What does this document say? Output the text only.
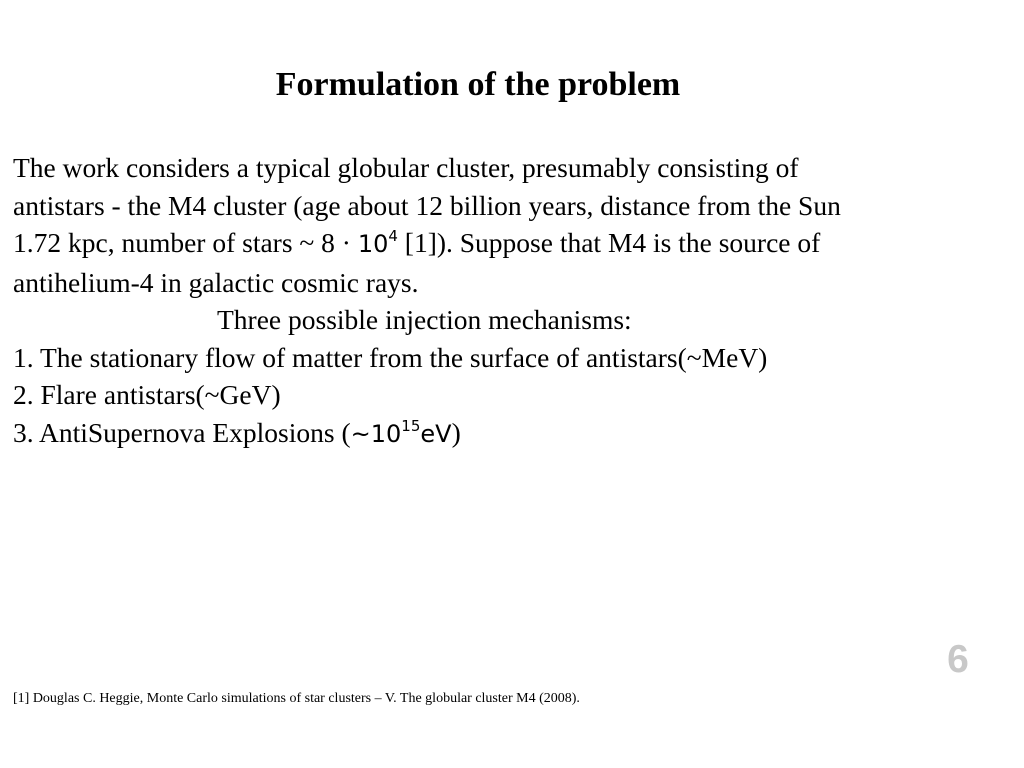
Formulation of the problem
The work considers a typical globular cluster, presumably consisting of
antistars - the M4 cluster (age about 12 billion years, distance from the Sun
1.72 kpc, number of stars ~ $8 \cdot 10^4$ [1]). Suppose that M4 is the source of
antihelium-4 in galactic cosmic rays.
Three possible injection mechanisms:
1. The stationary flow of matter from the surface of antistars(~MeV)
2. Flare antistars(~GeV)
3. AntiSupernova Explosions $(\sim 10^{15}eV)$
6
[1] Douglas C. Heggie, Monte Carlo simulations of star clusters – V. The globular cluster M4 (2008).
